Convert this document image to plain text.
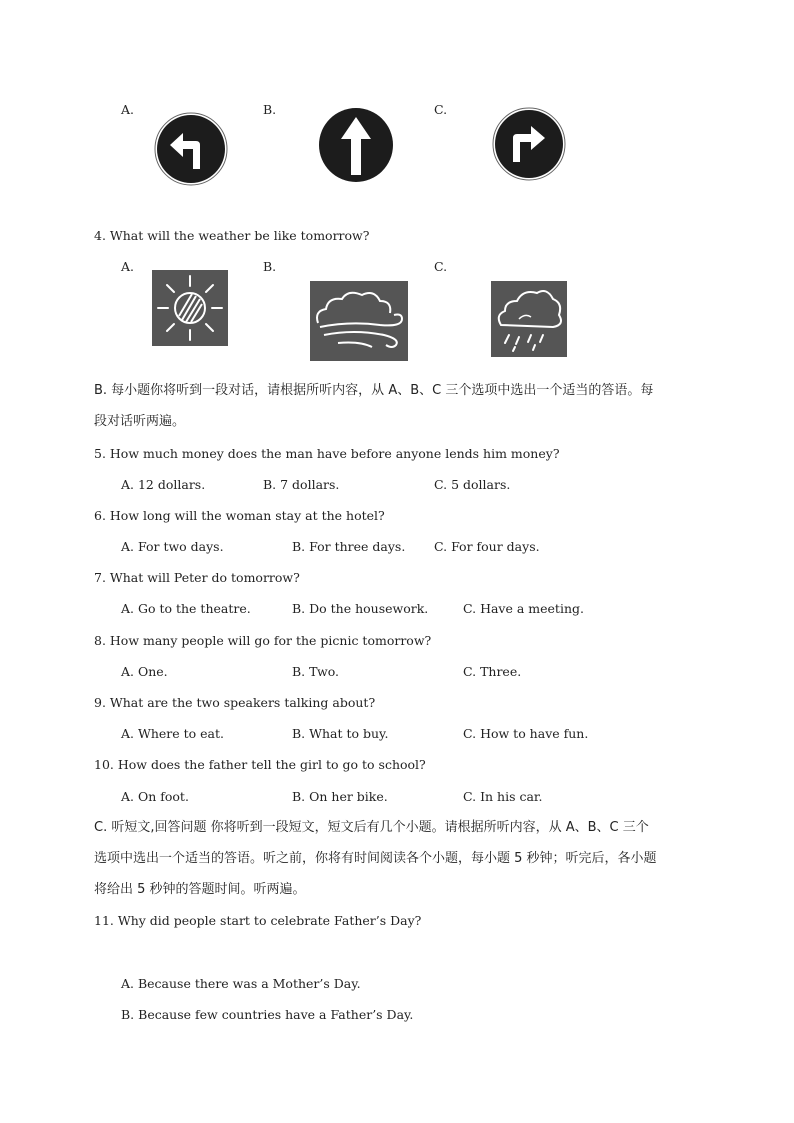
A.	B.	C.
4. What will the weather be like tomorrow?
A.	B.	C.
B. 每小题你将听到一段对话，请根据所听内容，从 A、B、C 三个选项中选出一个适当的答语。每
段对话听两遍。
5. How much money does the man have before anyone lends him money?
A. 12 dollars.	B. 7 dollars.	C. 5 dollars.
6. How long will the woman stay at the hotel?
A. For two days.	B. For three days. C. For four days.
7. What will Peter do tomorrow?
A. Go to the theatre.	B. Do the housework.	C. Have a meeting.
8. How many people will go for the picnic tomorrow?
A. One.	B. Two.	C. Three.
9. What are the two speakers talking about?
A. Where to eat.	B. What to buy.	C. How to have fun.
10. How does the father tell the girl to go to school?
A. On foot.	B. On her bike.	C. In his car.
C. 听短文,回答问题 你将听到一段短文，短文后有几个小题。请根据所听内容，从 A、B、C 三个
选项中选出一个适当的答语。听之前，你将有时间阅读各个小题，每小题 5 秒钟；听完后，各小题
将给出 5 秒钟的答题时间。听两遍。
11. Why did people start to celebrate Father’s Day?
A. Because there was a Mother’s Day.
B. Because few countries have a Father’s Day.
